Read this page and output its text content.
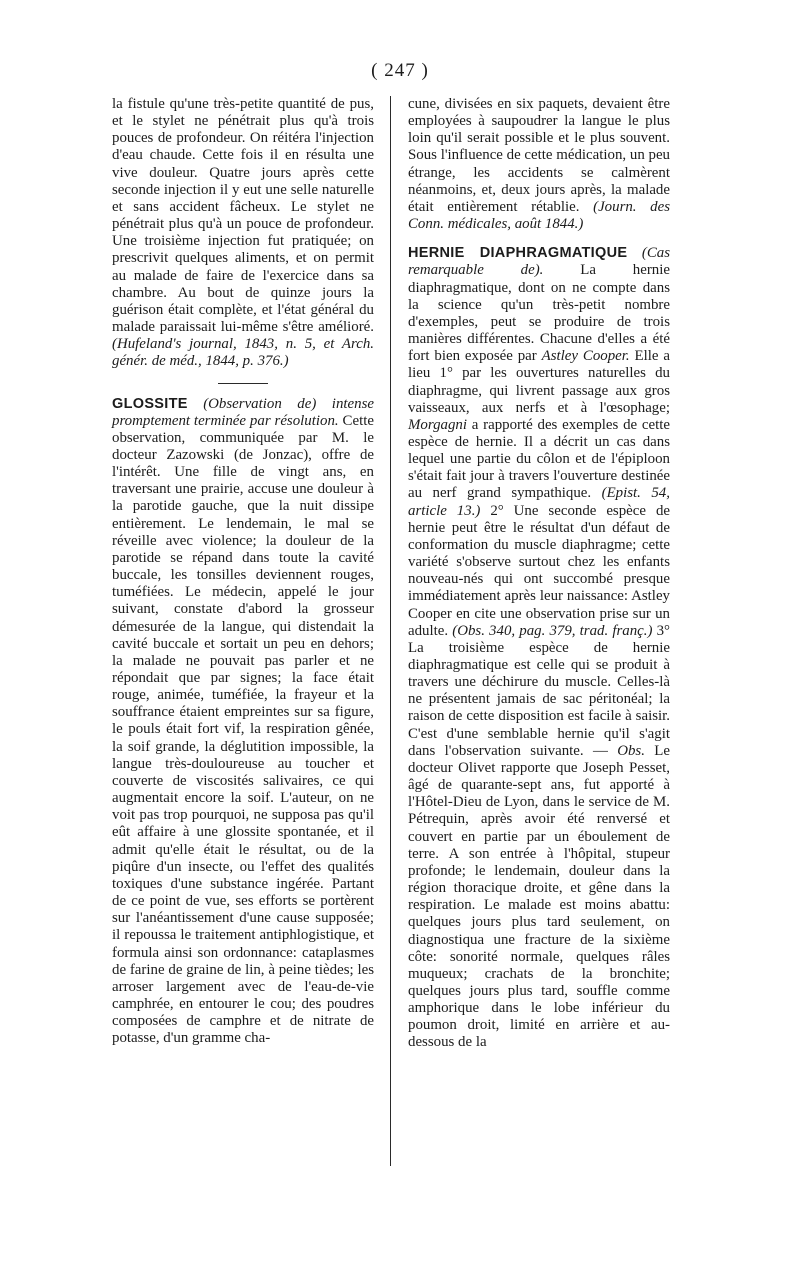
( 247 )

la fistule qu'une très-petite quantité de pus, et le stylet ne pénétrait plus qu'à trois pouces de profondeur. On réitéra l'injection d'eau chaude. Cette fois il en résulta une vive douleur. Quatre jours après cette seconde injection il y eut une selle naturelle et sans accident fâcheux. Le stylet ne pénétrait plus qu'à un pouce de profondeur. Une troisième injection fut pratiquée; on prescrivit quelques aliments, et on permit au malade de faire de l'exercice dans sa chambre. Au bout de quinze jours la guérison était complète, et l'état général du malade paraissait lui-même s'être amélioré. (Hufeland's journal, 1843, n. 5, et Arch. génér. de méd., 1844, p. 376.)

GLOSSITE (Observation de) intense promptement terminée par résolution. Cette observation, communiquée par M. le docteur Zazowski (de Jonzac), offre de l'intérêt. Une fille de vingt ans, en traversant une prairie, accuse une douleur à la parotide gauche, que la nuit dissipe entièrement. Le lendemain, le mal se réveille avec violence; la douleur de la parotide se répand dans toute la cavité buccale, les tonsilles deviennent rouges, tuméfiées. Le médecin, appelé le jour suivant, constate d'abord la grosseur démesurée de la langue, qui distendait la cavité buccale et sortait un peu en dehors; la malade ne pouvait pas parler et ne répondait que par signes; la face était rouge, animée, tuméfiée, la frayeur et la souffrance étaient empreintes sur sa figure, le pouls était fort vif, la respiration gênée, la soif grande, la déglutition impossible, la langue très-douloureuse au toucher et couverte de viscosités salivaires, ce qui augmentait encore la soif. L'auteur, on ne voit pas trop pourquoi, ne supposa pas qu'il eût affaire à une glossite spontanée, et il admit qu'elle était le résultat, ou de la piqûre d'un insecte, ou l'effet des qualités toxiques d'une substance ingérée. Partant de ce point de vue, ses efforts se portèrent sur l'anéantissement d'une cause supposée; il repoussa le traitement antiphlogistique, et formula ainsi son ordonnance: cataplasmes de farine de graine de lin, à peine tièdes; les arroser largement avec de l'eau-de-vie camphrée, en entourer le cou; des poudres composées de camphre et de nitrate de potasse, d'un gramme cha-

cune, divisées en six paquets, devaient être employées à saupoudrer la langue le plus loin qu'il serait possible et le plus souvent. Sous l'influence de cette médication, un peu étrange, les accidents se calmèrent néanmoins, et, deux jours après, la malade était entièrement rétablie. (Journ. des Conn. médicales, août 1844.)

HERNIE DIAPHRAGMATIQUE (Cas remarquable de). La hernie diaphragmatique, dont on ne compte dans la science qu'un très-petit nombre d'exemples, peut se produire de trois manières différentes. Chacune d'elles a été fort bien exposée par Astley Cooper. Elle a lieu 1° par les ouvertures naturelles du diaphragme, qui livrent passage aux gros vaisseaux, aux nerfs et à l'œsophage; Morgagni a rapporté des exemples de cette espèce de hernie. Il a décrit un cas dans lequel une partie du côlon et de l'épiploon s'était fait jour à travers l'ouverture destinée au nerf grand sympathique. (Epist. 54, article 13.) 2° Une seconde espèce de hernie peut être le résultat d'un défaut de conformation du muscle diaphragme; cette variété s'observe surtout chez les enfants nouveau-nés qui ont succombé presque immédiatement après leur naissance: Astley Cooper en cite une observation prise sur un adulte. (Obs. 340, pag. 379, trad. franç.) 3° La troisième espèce de hernie diaphragmatique est celle qui se produit à travers une déchirure du muscle. Celles-là ne présentent jamais de sac péritonéal; la raison de cette disposition est facile à saisir. C'est d'une semblable hernie qu'il s'agit dans l'observation suivante. — Obs. Le docteur Olivet rapporte que Joseph Pesset, âgé de quarante-sept ans, fut apporté à l'Hôtel-Dieu de Lyon, dans le service de M. Pétrequin, après avoir été renversé et couvert en partie par un éboulement de terre. A son entrée à l'hôpital, stupeur profonde; le lendemain, douleur dans la région thoracique droite, et gêne dans la respiration. Le malade est moins abattu: quelques jours plus tard seulement, on diagnostiqua une fracture de la sixième côte: sonorité normale, quelques râles muqueux; crachats de la bronchite; quelques jours plus tard, souffle comme amphorique dans le lobe inférieur du poumon droit, limité en arrière et au-dessous de la
